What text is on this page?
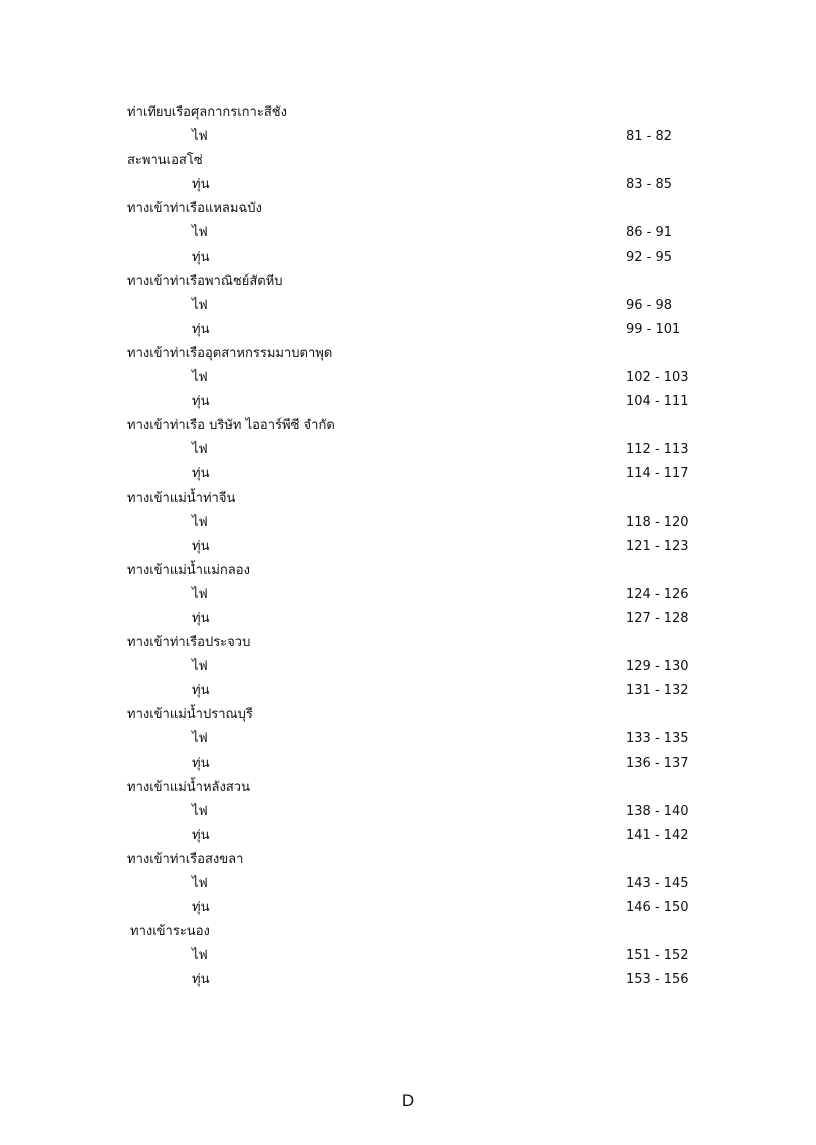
ท่าเทียบเรือศุลกากรเกาะสีชัง
ไฟ	81 - 82
สะพานเอสโซ่
ทุ่น	83 - 85
ทางเข้าท่าเรือแหลมฉบัง
ไฟ	86 - 91
ทุ่น	92 - 95
ทางเข้าท่าเรือพาณิชย์สัตหีบ
ไฟ	96 - 98
ทุ่น	99 - 101
ทางเข้าท่าเรืออุตสาหกรรมมาบตาพุด
ไฟ	102 - 103
ทุ่น	104 - 111
ทางเข้าท่าเรือ บริษัท ไออาร์พีซี จำกัด
ไฟ	112 - 113
ทุ่น	114 - 117
ทางเข้าแม่น้ำท่าจีน
ไฟ	118 - 120
ทุ่น	121 - 123
ทางเข้าแม่น้ำแม่กลอง
ไฟ	124 - 126
ทุ่น	127 - 128
ทางเข้าท่าเรือประจวบ
ไฟ	129 - 130
ทุ่น	131 - 132
ทางเข้าแม่น้ำปราณบุรี
ไฟ	133 - 135
ทุ่น	136 - 137
ทางเข้าแม่น้ำหลังสวน
ไฟ	138 - 140
ทุ่น	141 - 142
ทางเข้าท่าเรือสงขลา
ไฟ	143 - 145
ทุ่น	146 - 150
ทางเข้าระนอง
ไฟ	151 - 152
ทุ่น	153 - 156
D
